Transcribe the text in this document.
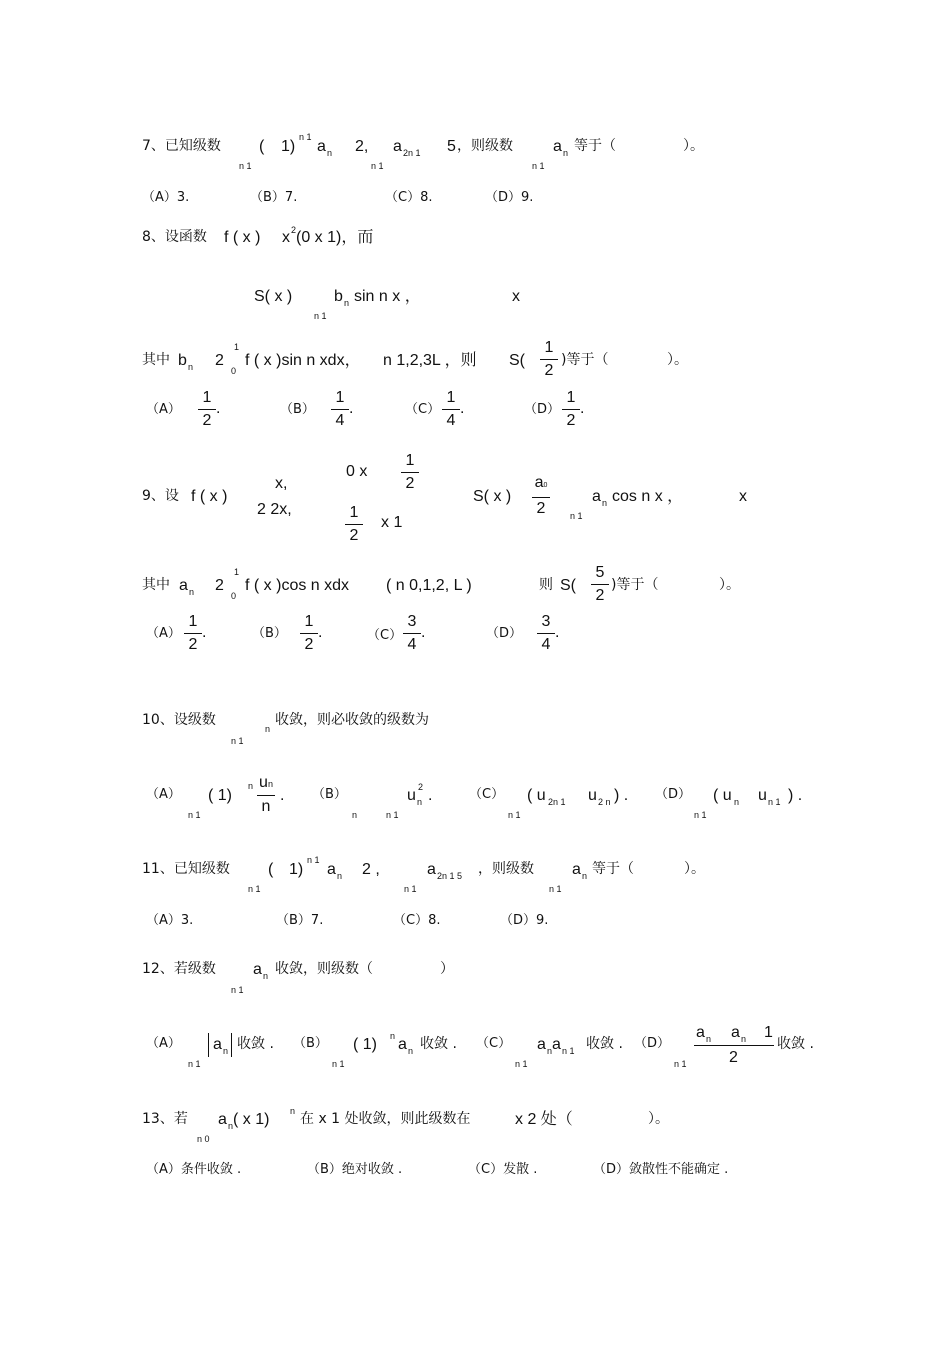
7、已知级数 ( 1)
n 1
a n 2, a 2n 1 5 ，则级数	a n 等于（	）。
n 1	n 1	n 1
（A）3.	（B）7.	（C）8.	（D）9.
8、设函数 f ( x ) x 2 (0 x 1)，而
S( x )	b n sin n x ，	x
n 1
其中 b n 2
1
0
f ( x )sin n xdx， n 1,2,3L ，则 S(
1
2
)等于（	）。
（A）
1
2
.	（B）
1
4
.	（C）
1
4
.	（D）
1
2
.
9、设 f ( x )
x,
0 x
1
2
2 2x,	1
2
x 1
S( x )
a0
2
a n cos n x ，	x
n 1
其中 a n 2
1
0
f ( x )cos n xdx ( n 0,1,2, L )	则 S(
5
2
)等于（	）。
（A）
1
2
.	（B）
1
2
.	（C）
3
4
.	（D）
3
4
.
10、设级数
n
收敛，则必收敛的级数为
n 1
（A） ( 1)
n un
n
.
n 1
（B）	u n
2 .
n	n 1
（C） ( u 2n 1 u 2 n ) .
n 1
（D） ( u n u n 1 ) .
n 1
11、已知级数 ( 1)
n 1
a n 2 ,	a 2n 1 5 ，则级数 a n 等于（	）。
n 1	n 1	n 1
（A）3.	（B）7.	（C）8.	（D）9.
12、若级数 a n 收敛，则级数（	）
n 1
（A） a n 收敛 .
n 1
（B） ( 1) n a n 收敛 .
n 1
（C） a n a n 1 收敛 .
n 1
（D）
a n a n 1
2
收敛 .
n 1
13、若 a n ( x 1) n 在 x 1 处收敛，则此级数在	x 2 处（	）。
n 0
（A）条件收敛 .	（B）绝对收敛 .	（C）发散 .	（D）敛散性不能确定 .
